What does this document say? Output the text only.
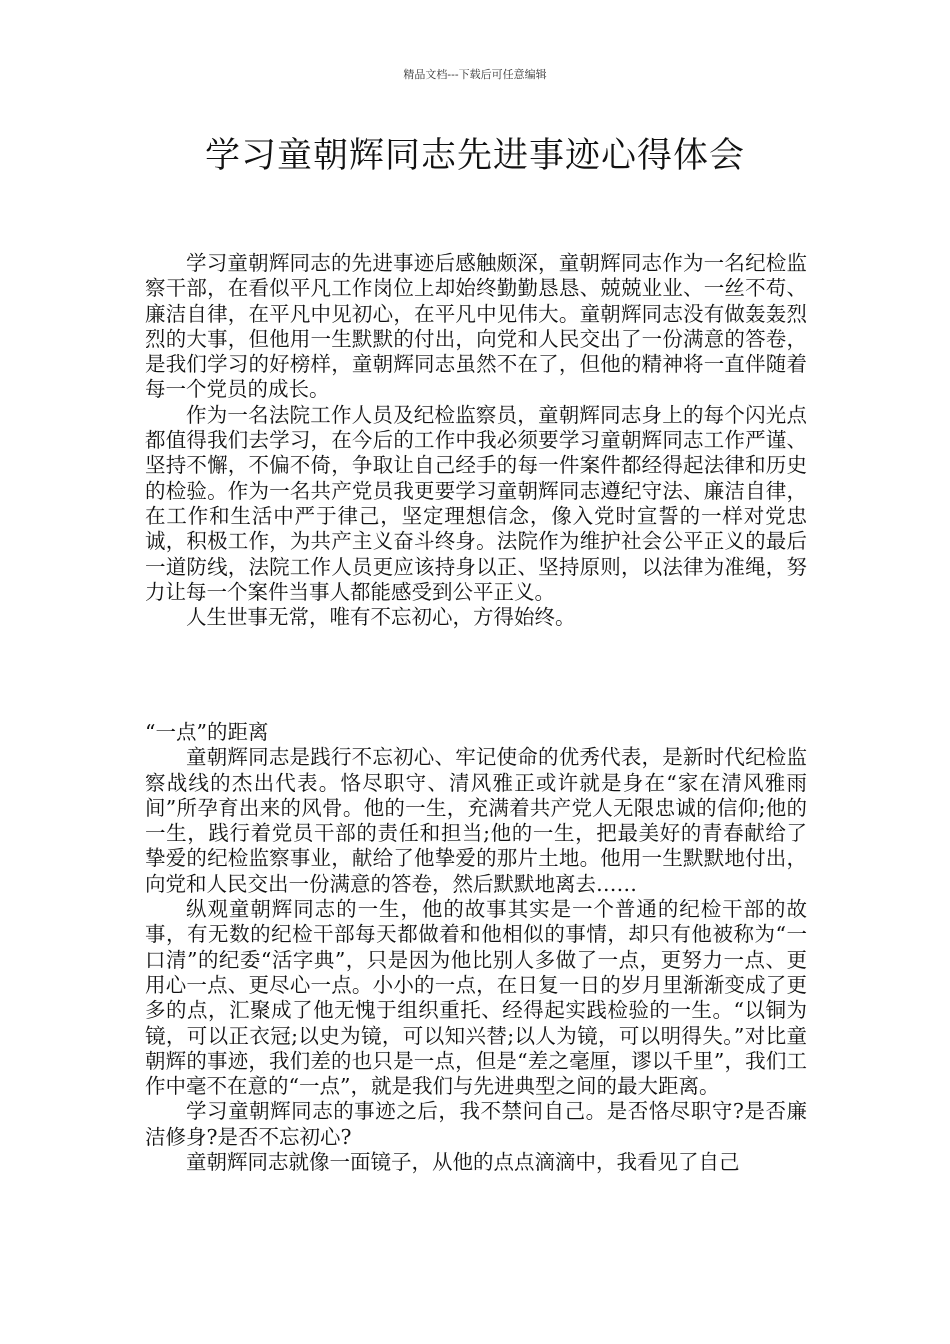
精品文档---下载后可任意编辑
学习童朝辉同志先进事迹心得体会

学习童朝辉同志的先进事迹后感触颇深，童朝辉同志作为一名纪检监察干部，在看似平凡工作岗位上却始终勤勤恳恳、兢兢业业、一丝不苟、廉洁自律，在平凡中见初心，在平凡中见伟大。童朝辉同志没有做轰轰烈烈的大事，但他用一生默默的付出，向党和人民交出了一份满意的答卷，是我们学习的好榜样，童朝辉同志虽然不在了，但他的精神将一直伴随着每一个党员的成长。

作为一名法院工作人员及纪检监察员，童朝辉同志身上的每个闪光点都值得我们去学习，在今后的工作中我必须要学习童朝辉同志工作严谨、坚持不懈，不偏不倚，争取让自己经手的每一件案件都经得起法律和历史的检验。作为一名共产党员我更要学习童朝辉同志遵纪守法、廉洁自律，在工作和生活中严于律己，坚定理想信念，像入党时宣誓的一样对党忠诚，积极工作，为共产主义奋斗终身。法院作为维护社会公平正义的最后一道防线，法院工作人员更应该持身以正、坚持原则，以法律为准绳，努力让每一个案件当事人都能感受到公平正义。

人生世事无常，唯有不忘初心，方得始终。

“一点”的距离

童朝辉同志是践行不忘初心、牢记使命的优秀代表，是新时代纪检监察战线的杰出代表。恪尽职守、清风雅正或许就是身在“家在清风雅雨间”所孕育出来的风骨。他的一生，充满着共产党人无限忠诚的信仰;他的一生，践行着党员干部的责任和担当;他的一生，把最美好的青春献给了挚爱的纪检监察事业，献给了他挚爱的那片土地。他用一生默默地付出，向党和人民交出一份满意的答卷，然后默默地离去……

纵观童朝辉同志的一生，他的故事其实是一个普通的纪检干部的故事，有无数的纪检干部每天都做着和他相似的事情，却只有他被称为“一口清”的纪委“活字典”，只是因为他比别人多做了一点，更努力一点、更用心一点、更尽心一点。小小的一点，在日复一日的岁月里渐渐变成了更多的点，汇聚成了他无愧于组织重托、经得起实践检验的一生。“以铜为镜，可以正衣冠;以史为镜，可以知兴替;以人为镜，可以明得失。”对比童朝辉的事迹，我们差的也只是一点，但是“差之毫厘，谬以千里”，我们工作中毫不在意的“一点”，就是我们与先进典型之间的最大距离。

学习童朝辉同志的事迹之后，我不禁问自己。是否恪尽职守?是否廉洁修身?是否不忘初心?

童朝辉同志就像一面镜子，从他的点点滴滴中，我看见了自己
